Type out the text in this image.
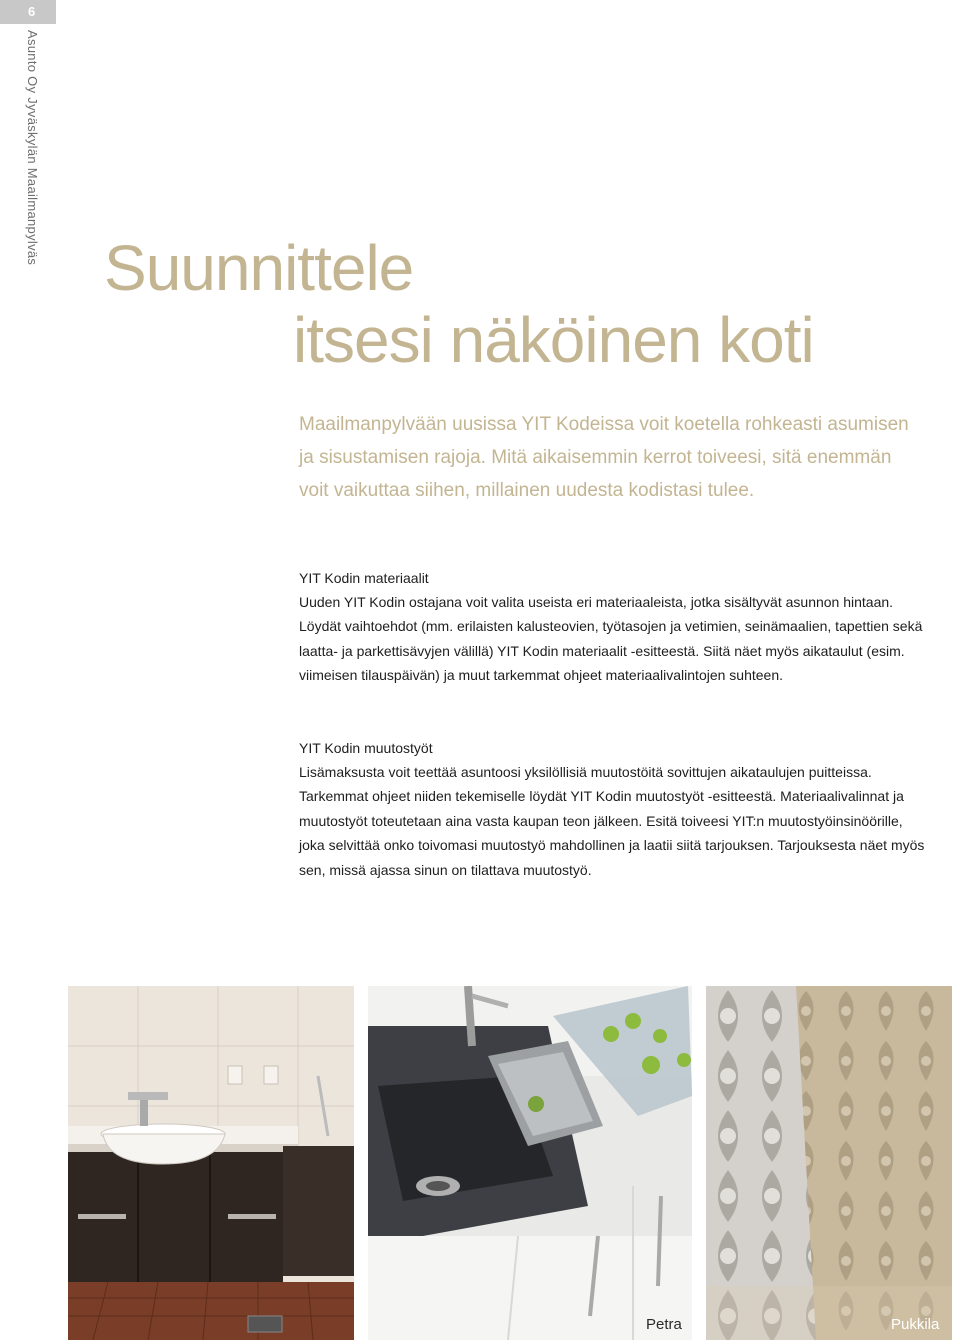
6
Asunto Oy Jyväskylän Maailmanpylväs
Suunnittele
itsesi näköinen koti

Maailmanpylvään uusissa YIT Kodeissa voit koetella rohkeasti asumisen ja sisustamisen rajoja. Mitä aikaisemmin kerrot toiveesi, sitä enemmän voit vaikuttaa siihen, millainen uudesta kodistasi tulee.

YIT Kodin materiaalit

Uuden YIT Kodin ostajana voit valita useista eri materiaaleista, jotka sisältyvät asunnon hintaan. Löydät vaihtoehdot (mm. erilaisten kalusteovien, työtasojen ja vetimien, seinämaalien, tapettien sekä laatta- ja parkettisävyjen välillä) YIT Kodin materiaalit -esitteestä. Siitä näet myös aikataulut (esim. viimeisen tilauspäivän) ja muut tarkemmat ohjeet materiaalivalintojen suhteen.

YIT Kodin muutostyöt

Lisämaksusta voit teettää asuntoosi yksilöllisiä muutostöitä sovittujen aikataulujen puitteissa. Tarkemmat ohjeet niiden tekemiselle löydät YIT Kodin muutostyöt -esitteestä. Materiaalivalinnat ja muutostyöt toteutetaan aina vasta kaupan teon jälkeen. Esitä toiveesi YIT:n muutostyöinsinöörille, joka selvittää onko toivomasi muutostyö mahdollinen ja laatii siitä tarjouksen. Tarjouksesta näet myös sen, missä ajassa sinun on tilattava muutostyö.

Petra	Pukkila
